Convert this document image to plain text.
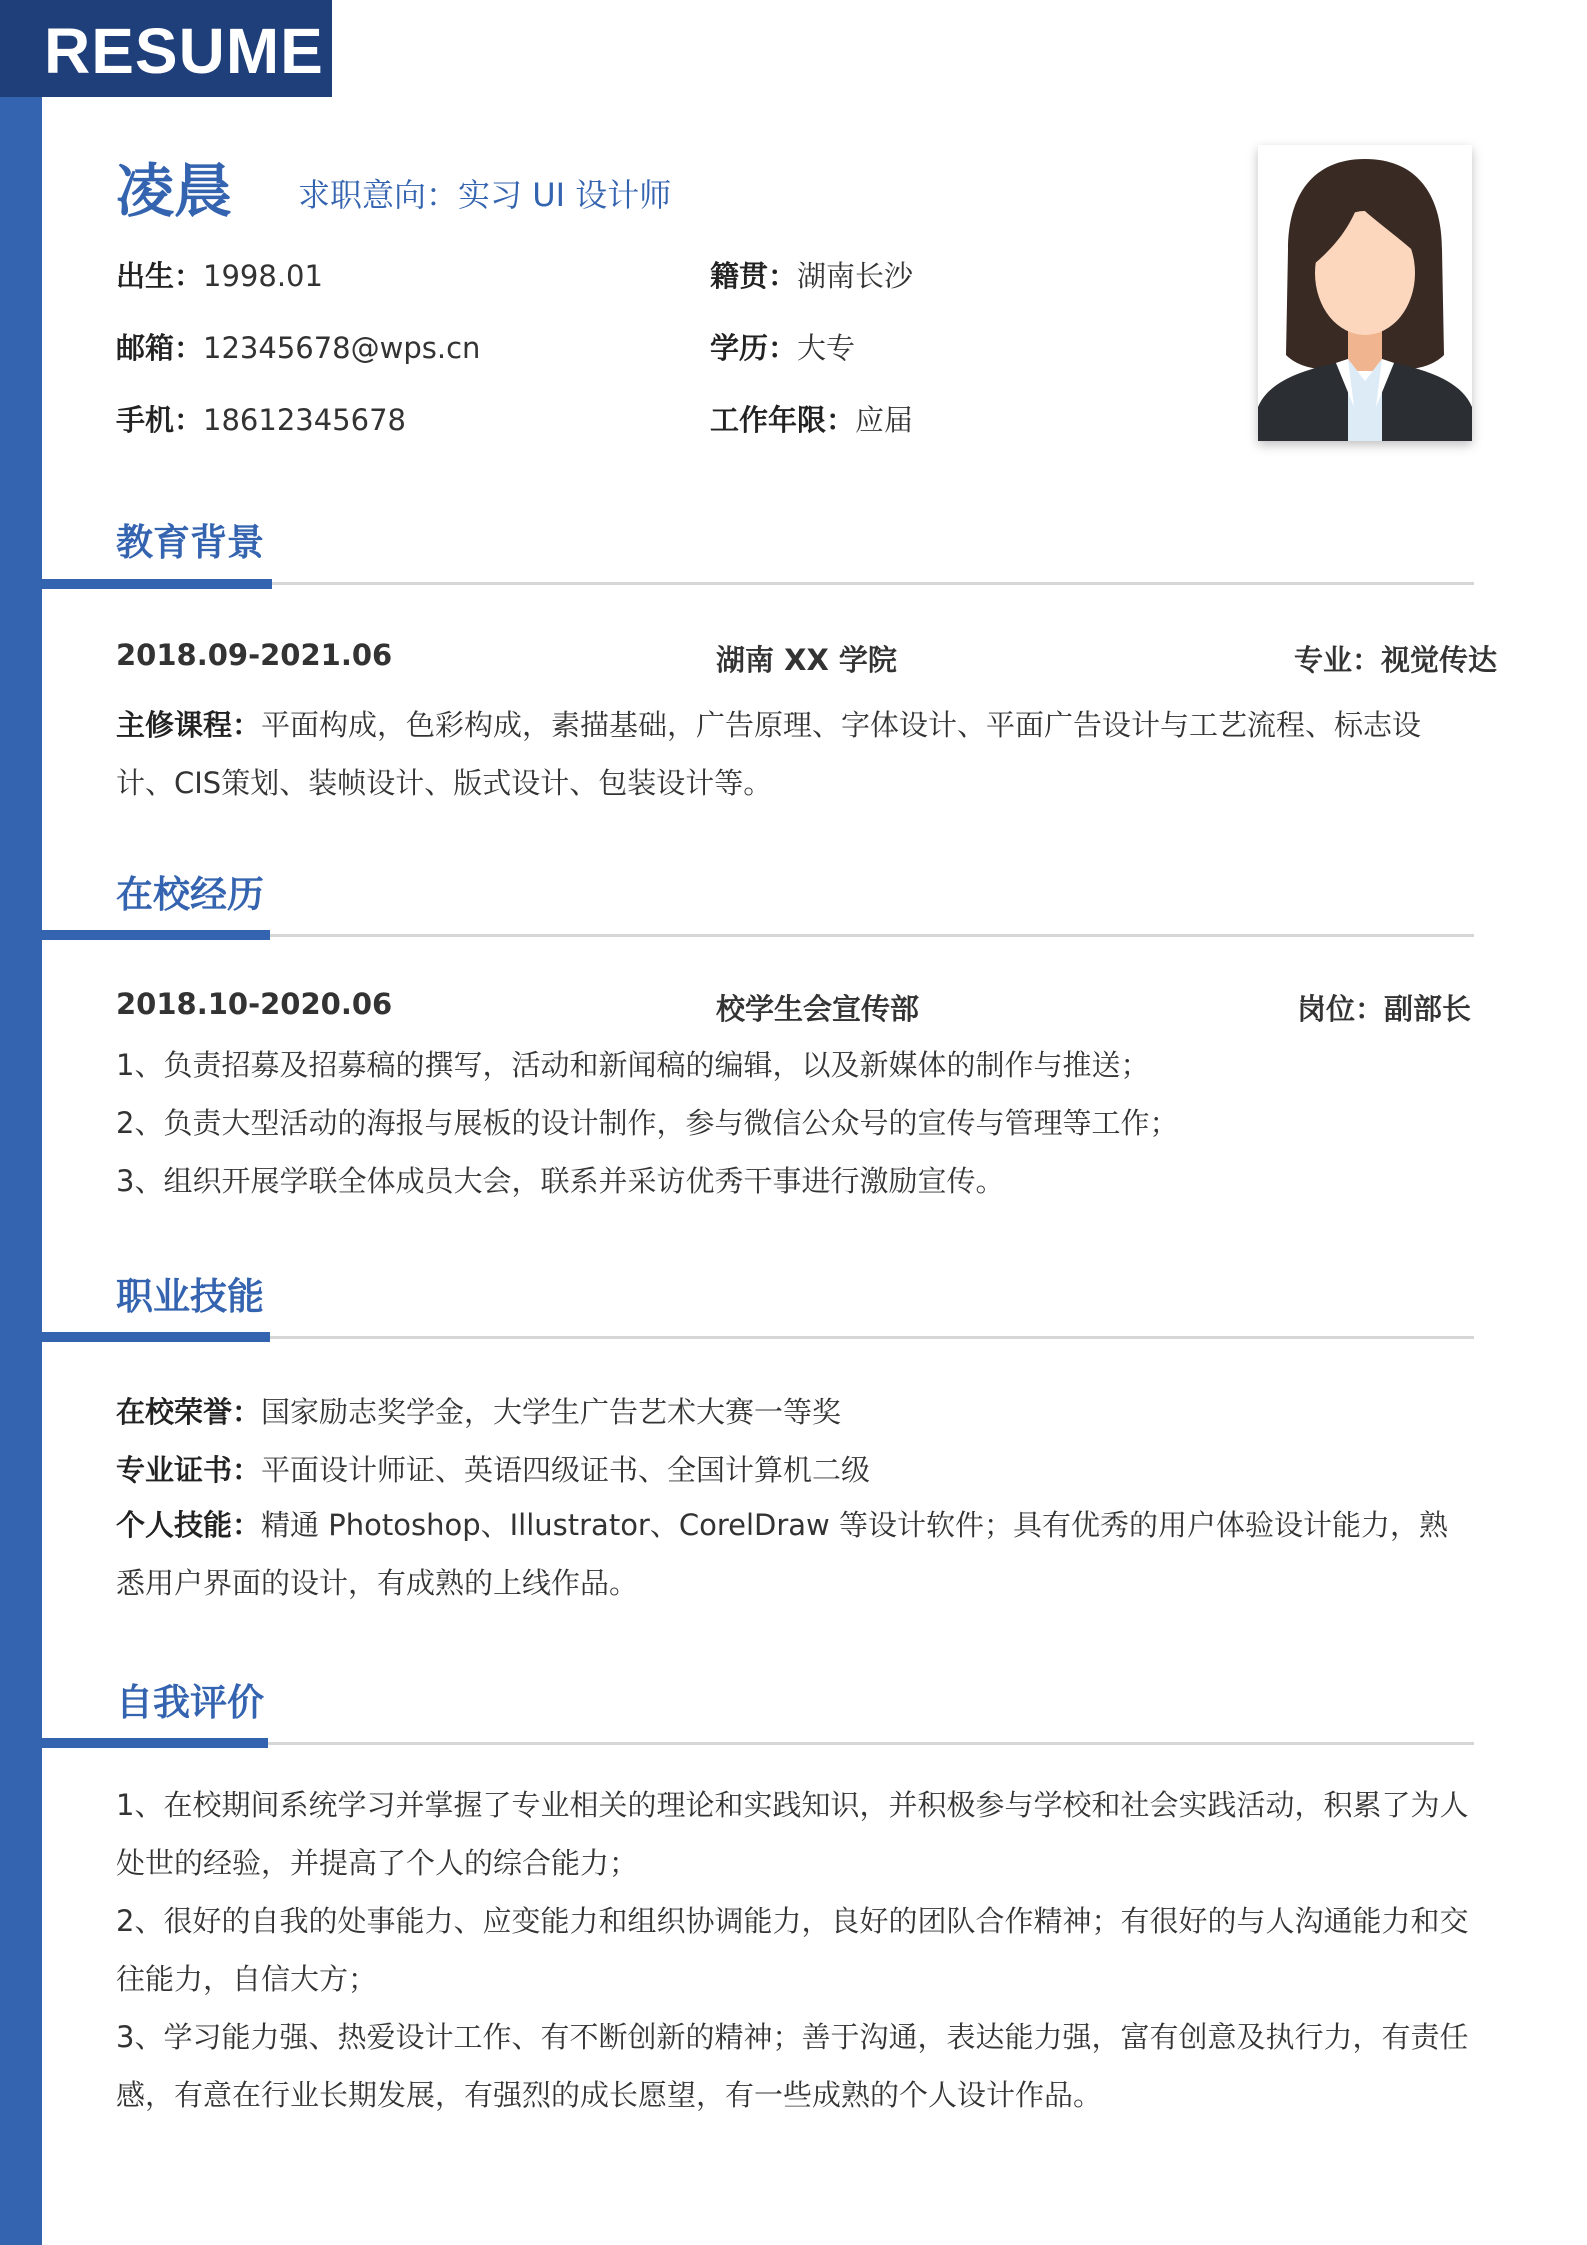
RESUME
凌晨 求职意向：实习 UI 设计师
出生：1998.01	籍贯：湖南长沙
邮箱：12345678@wps.cn	学历：大专
手机：18612345678	工作年限：应届
教育背景
2018.09-2021.06	湖南 XX 学院	专业：视觉传达
主修课程：平面构成，色彩构成，素描基础，广告原理、字体设计、平面广告设计与工艺流程、标志设计、CIS策划、装帧设计、版式设计、包装设计等。
在校经历
2018.10-2020.06	校学生会宣传部	岗位：副部长
1、负责招募及招募稿的撰写，活动和新闻稿的编辑，以及新媒体的制作与推送；
2、负责大型活动的海报与展板的设计制作，参与微信公众号的宣传与管理等工作；
3、组织开展学联全体成员大会，联系并采访优秀干事进行激励宣传。
职业技能
在校荣誉：国家励志奖学金，大学生广告艺术大赛一等奖
专业证书：平面设计师证、英语四级证书、全国计算机二级
个人技能：精通 Photoshop、Illustrator、CorelDraw 等设计软件；具有优秀的用户体验设计能力，熟悉用户界面的设计，有成熟的上线作品。
自我评价
1、在校期间系统学习并掌握了专业相关的理论和实践知识，并积极参与学校和社会实践活动，积累了为人处世的经验，并提高了个人的综合能力；
2、很好的自我的处事能力、应变能力和组织协调能力，良好的团队合作精神；有很好的与人沟通能力和交往能力，自信大方；
3、学习能力强、热爱设计工作、有不断创新的精神；善于沟通，表达能力强，富有创意及执行力，有责任感，有意在行业长期发展，有强烈的成长愿望，有一些成熟的个人设计作品。
